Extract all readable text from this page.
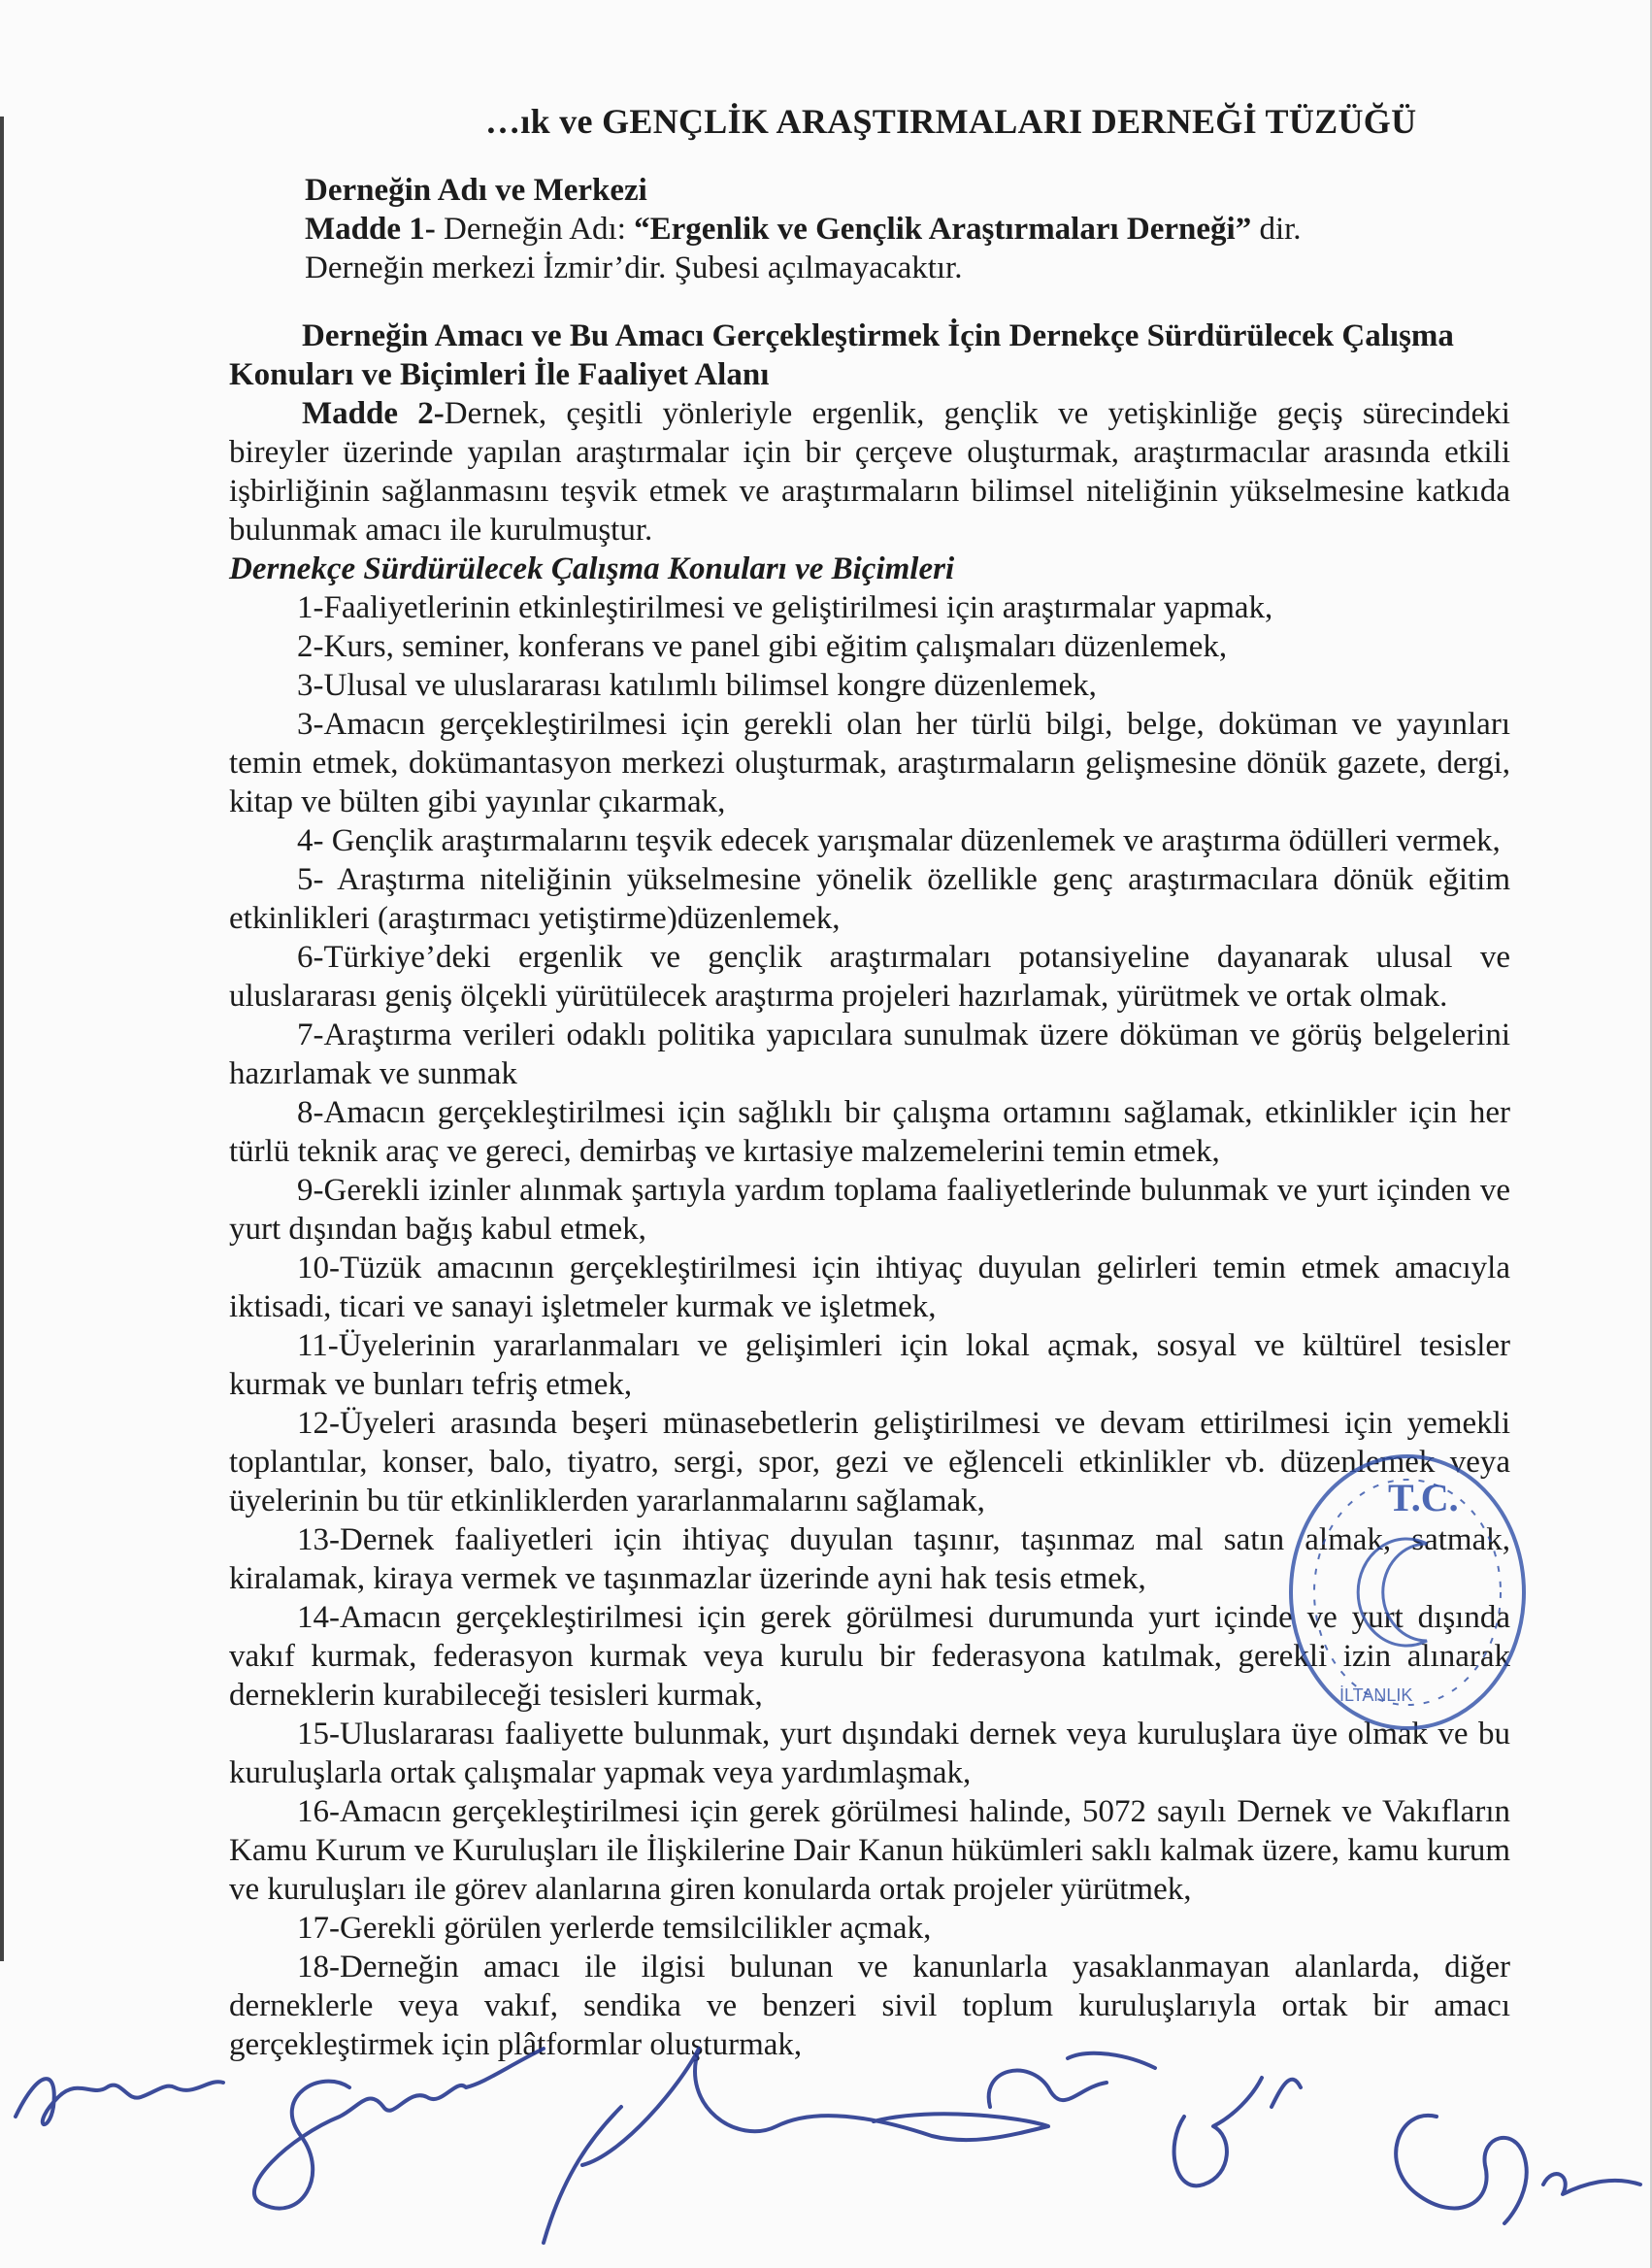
…ık ve GENÇLİK ARAŞTIRMALARI DERNEĞİ TÜZÜĞÜ

Derneğin Adı ve Merkezi

Madde 1- Derneğin Adı: “Ergenlik ve Gençlik Araştırmaları Derneği” dir.

Derneğin merkezi İzmir’dir. Şubesi açılmayacaktır.

Derneğin Amacı ve Bu Amacı Gerçekleştirmek İçin Dernekçe Sürdürülecek Çalışma

Konuları ve Biçimleri İle Faaliyet Alanı

Madde 2-Dernek, çeşitli yönleriyle ergenlik, gençlik ve yetişkinliğe geçiş sürecindeki bireyler üzerinde yapılan araştırmalar için bir çerçeve oluşturmak, araştırmacılar arasında etkili işbirliğinin sağlanmasını teşvik etmek ve araştırmaların bilimsel niteliğinin yükselmesine katkıda bulunmak amacı ile kurulmuştur.

Dernekçe Sürdürülecek Çalışma Konuları ve Biçimleri

1-Faaliyetlerinin etkinleştirilmesi ve geliştirilmesi için araştırmalar yapmak,

2-Kurs, seminer, konferans ve panel gibi eğitim çalışmaları düzenlemek,

3-Ulusal ve uluslararası katılımlı bilimsel kongre düzenlemek,

3-Amacın gerçekleştirilmesi için gerekli olan her türlü bilgi, belge, doküman ve yayınları temin etmek, dokümantasyon merkezi oluşturmak, araştırmaların gelişmesine dönük gazete, dergi, kitap ve bülten gibi yayınlar çıkarmak,

4- Gençlik araştırmalarını teşvik edecek yarışmalar düzenlemek ve araştırma ödülleri vermek,

5- Araştırma niteliğinin yükselmesine yönelik özellikle genç araştırmacılara dönük eğitim etkinlikleri (araştırmacı yetiştirme)düzenlemek,

6-Türkiye’deki ergenlik ve gençlik araştırmaları potansiyeline dayanarak ulusal ve uluslararası geniş ölçekli yürütülecek araştırma projeleri hazırlamak, yürütmek ve ortak olmak.

7-Araştırma verileri odaklı politika yapıcılara sunulmak üzere döküman ve görüş belgelerini hazırlamak ve sunmak

8-Amacın gerçekleştirilmesi için sağlıklı bir çalışma ortamını sağlamak, etkinlikler için her türlü teknik araç ve gereci, demirbaş ve kırtasiye malzemelerini temin etmek,

9-Gerekli izinler alınmak şartıyla yardım toplama faaliyetlerinde bulunmak ve yurt içinden ve yurt dışından bağış kabul etmek,

10-Tüzük amacının gerçekleştirilmesi için ihtiyaç duyulan gelirleri temin etmek amacıyla iktisadi, ticari ve sanayi işletmeler kurmak ve işletmek,

11-Üyelerinin yararlanmaları ve gelişimleri için lokal açmak, sosyal ve kültürel tesisler kurmak ve bunları tefriş etmek,

12-Üyeleri arasında beşeri münasebetlerin geliştirilmesi ve devam ettirilmesi için yemekli toplantılar, konser, balo, tiyatro, sergi, spor, gezi ve eğlenceli etkinlikler vb. düzenlemek veya üyelerinin bu tür etkinliklerden yararlanmalarını sağlamak,

13-Dernek faaliyetleri için ihtiyaç duyulan taşınır, taşınmaz mal satın almak, satmak, kiralamak, kiraya vermek ve taşınmazlar üzerinde ayni hak tesis etmek,

14-Amacın gerçekleştirilmesi için gerek görülmesi durumunda yurt içinde ve yurt dışında vakıf kurmak, federasyon kurmak veya kurulu bir federasyona katılmak, gerekli izin alınarak derneklerin kurabileceği tesisleri kurmak,

15-Uluslararası faaliyette bulunmak, yurt dışındaki dernek veya kuruluşlara üye olmak ve bu kuruluşlarla ortak çalışmalar yapmak veya yardımlaşmak,

16-Amacın gerçekleştirilmesi için gerek görülmesi halinde, 5072 sayılı Dernek ve Vakıfların Kamu Kurum ve Kuruluşları ile İlişkilerine Dair Kanun hükümleri saklı kalmak üzere, kamu kurum ve kuruluşları ile görev alanlarına giren konularda ortak projeler yürütmek,

17-Gerekli görülen yerlerde temsilcilikler açmak,

18-Derneğin amacı ile ilgisi bulunan ve kanunlarla yasaklanmayan alanlarda, diğer derneklerle veya vakıf, sendika ve benzeri sivil toplum kuruluşlarıyla ortak bir amacı gerçekleştirmek için plâtformlar oluşturmak,

T.C.
İLTANLIK
